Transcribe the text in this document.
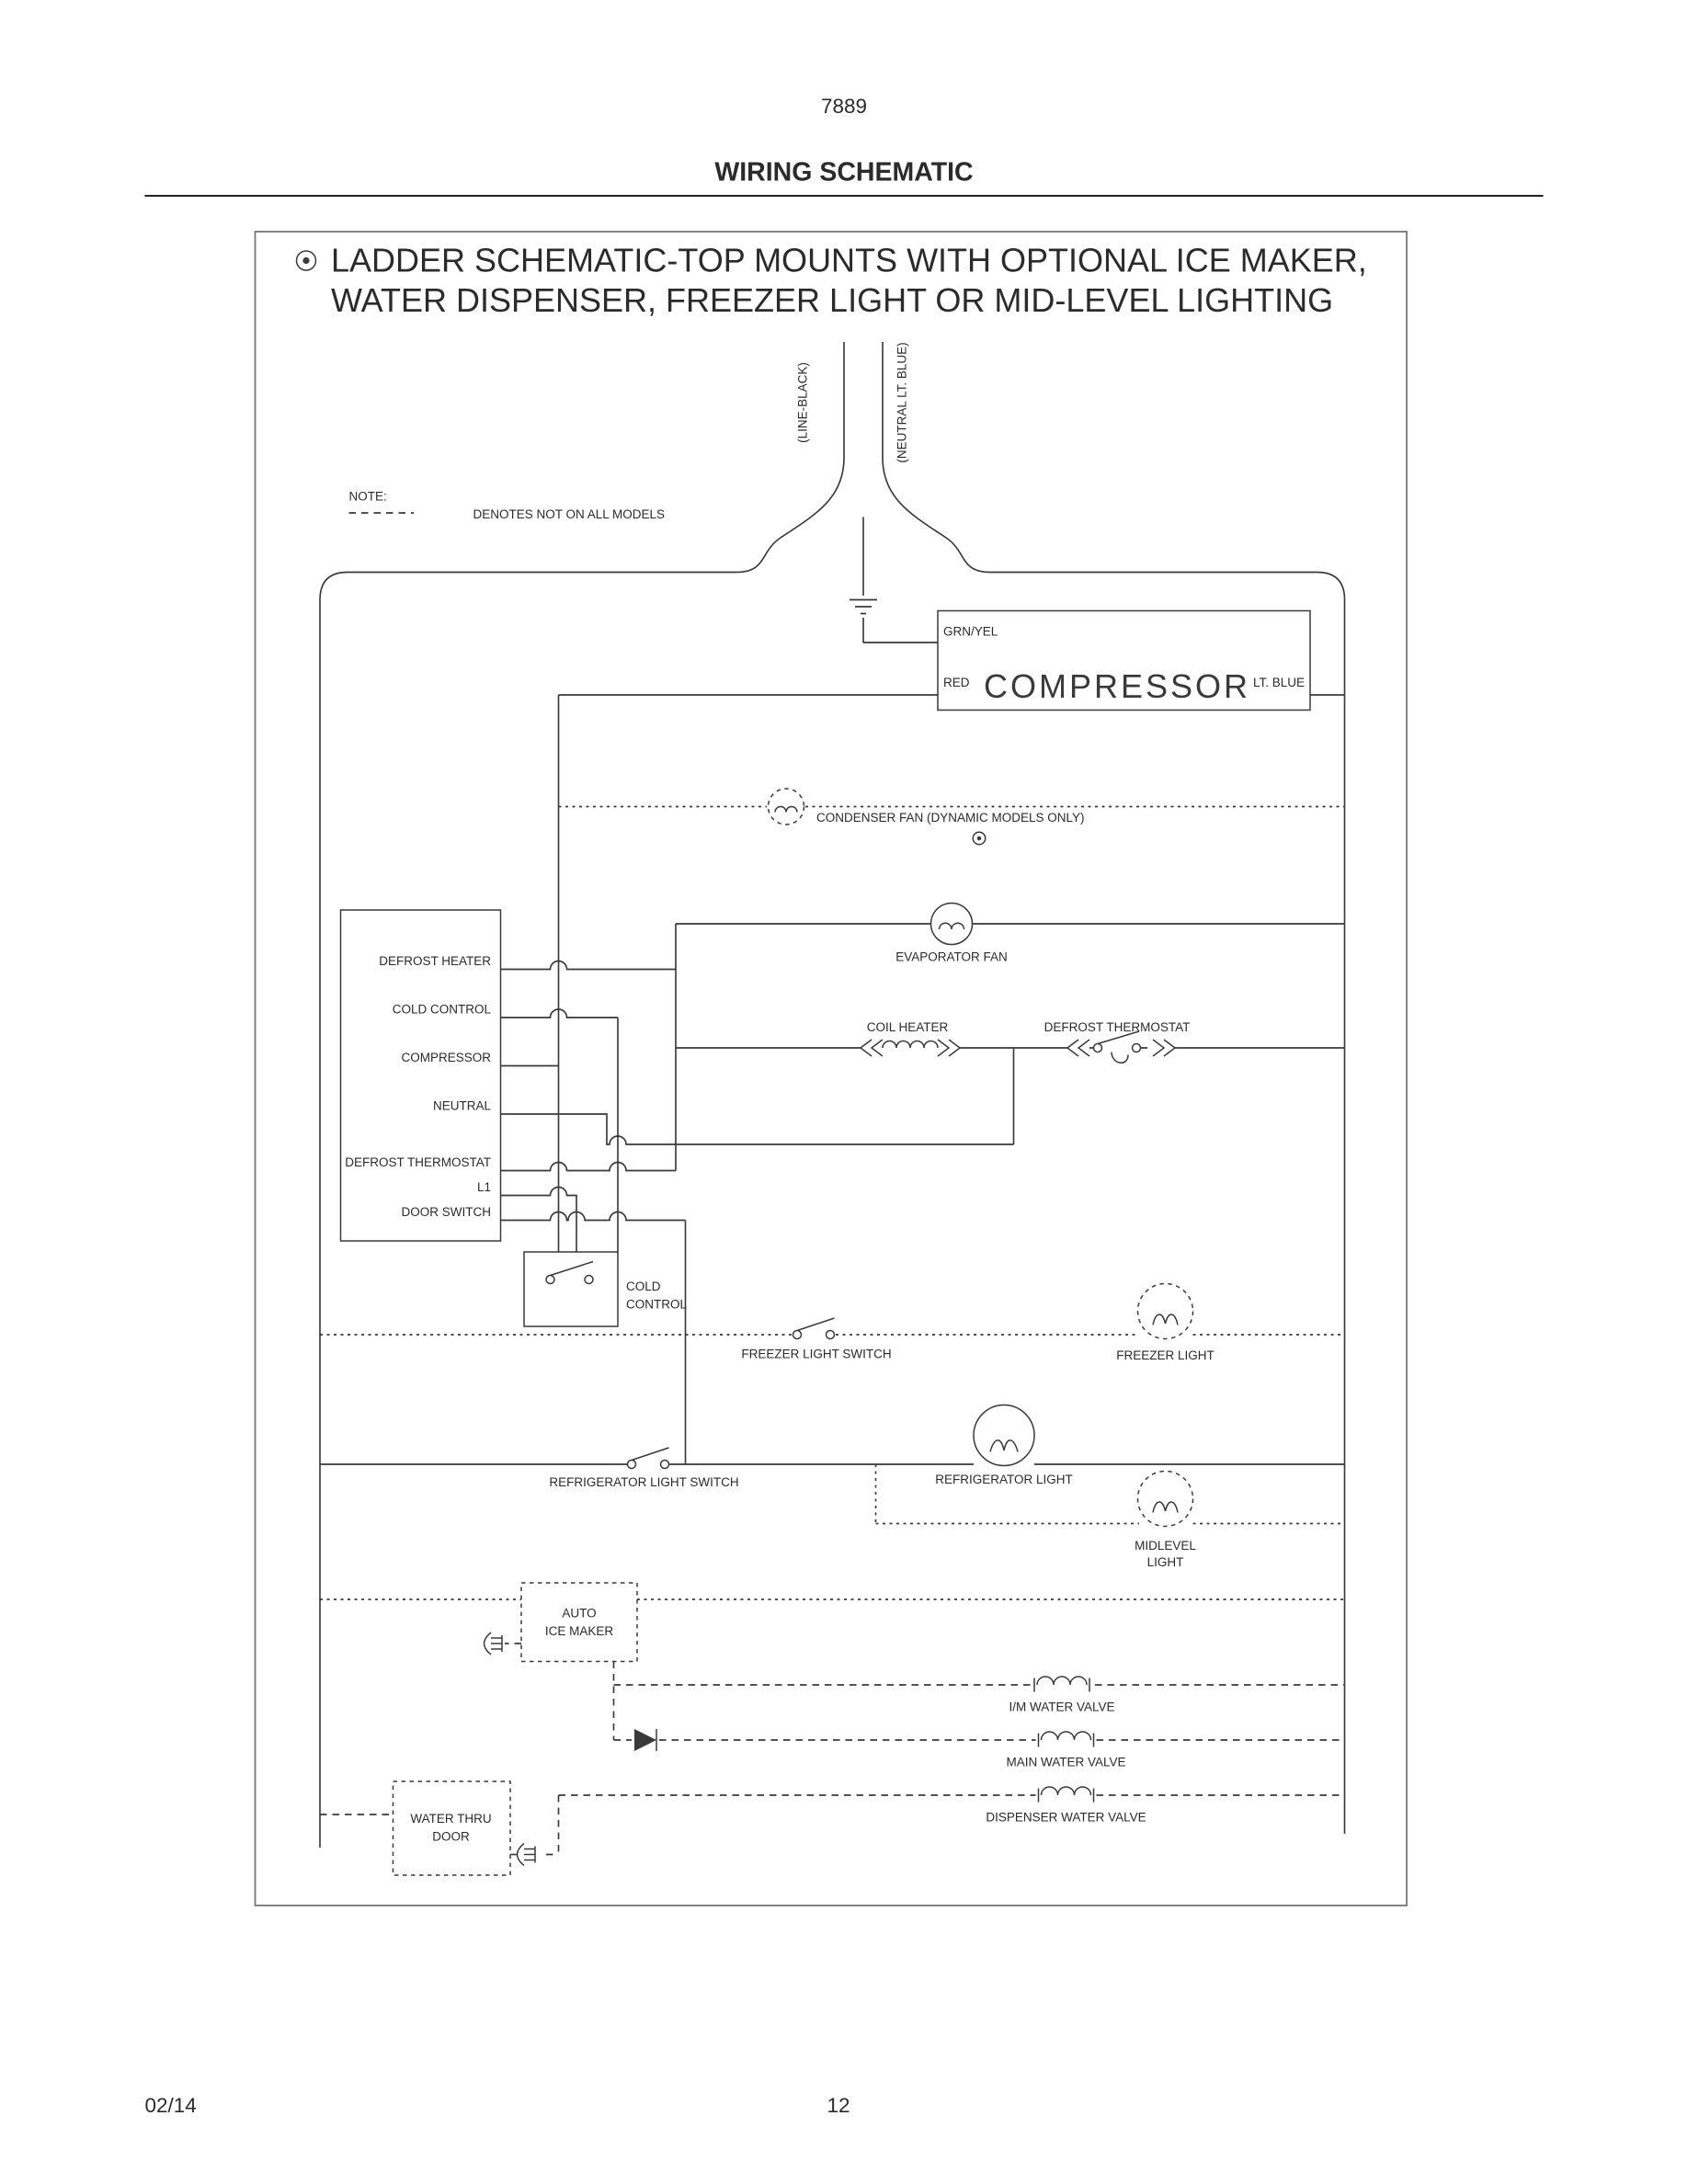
7889
WIRING SCHEMATIC
LADDER SCHEMATIC-TOP MOUNTS WITH OPTIONAL ICE MAKER,
WATER DISPENSER, FREEZER LIGHT OR MID-LEVEL LIGHTING
NOTE:
DENOTES NOT ON ALL MODELS
(LINE-BLACK)	(NEUTRAL LT. BLUE)
GRN/YEL
RED	LT. BLUE
COMPRESSOR
CONDENSER FAN (DYNAMIC MODELS ONLY)
EVAPORATOR FAN
COIL HEATER	DEFROST THERMOSTAT
DEFROST HEATER
COLD CONTROL
COMPRESSOR
NEUTRAL
DEFROST THERMOSTAT
L1
DOOR SWITCH
COLD
CONTROL
FREEZER LIGHT SWITCH	FREEZER LIGHT
REFRIGERATOR LIGHT SWITCH	REFRIGERATOR LIGHT
MIDLEVEL
LIGHT
AUTO
ICE MAKER
I/M WATER VALVE
MAIN WATER VALVE
DISPENSER WATER VALVE
WATER THRU
DOOR
02/14	12
